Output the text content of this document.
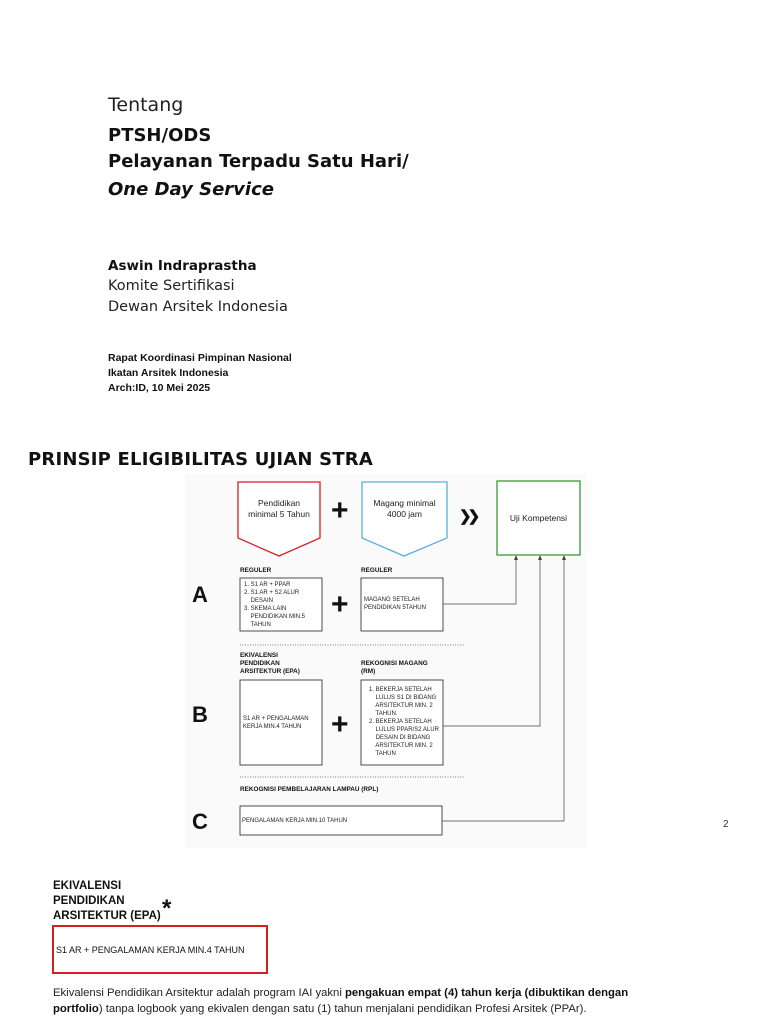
Tentang
PTSH/ODS
Pelayanan Terpadu Satu Hari/
One Day Service
Aswin Indraprastha
Komite Sertifikasi
Dewan Arsitek Indonesia
Rapat Koordinasi Pimpinan Nasional
Ikatan Arsitek Indonesia
Arch:ID, 10 Mei 2025
PRINSIP ELIGIBILITAS UJIAN STRA
Pendidikan
minimal 5 Tahun
Magang minimal
4000 jam	Uji Kompetensi
+	❯❯
A
REGULER	REGULER
1. S1 AR + PPAR
2. S1 AR + S2 ALUR
DESAIN
3. SKEMA LAIN
PENDIDIKAN MIN.5
TAHUN
MAGANG SETELAH
PENDIDIKAN 5TAHUN
+
B
EKIVALENSI
PENDIDIKAN
ARSITEKTUR (EPA)
REKOGNISI MAGANG
(RM)
S1 AR + PENGALAMAN
KERJA MIN.4 TAHUN
1. BEKERJA SETELAH
LULUS S1 DI BIDANG
ARSITEKTUR MIN. 2
TAHUN.
2. BEKERJA SETELAH
LULUS PPAR/S2 ALUR
DESAIN DI BIDANG
ARSITEKTUR MIN. 2
TAHUN
+
C
REKOGNISI PEMBELAJARAN LAMPAU (RPL)
PENGALAMAN KERJA MIN.10 TAHUN	2
EKIVALENSI
PENDIDIKAN
ARSITEKTUR (EPA) *
S1 AR + PENGALAMAN KERJA MIN.4 TAHUN
Ekivalensi Pendidikan Arsitektur adalah program IAI yakni pengakuan empat (4) tahun kerja (dibuktikan dengan portfolio) tanpa logbook yang ekivalen dengan satu (1) tahun menjalani pendidikan Profesi Arsitek (PPAr).
